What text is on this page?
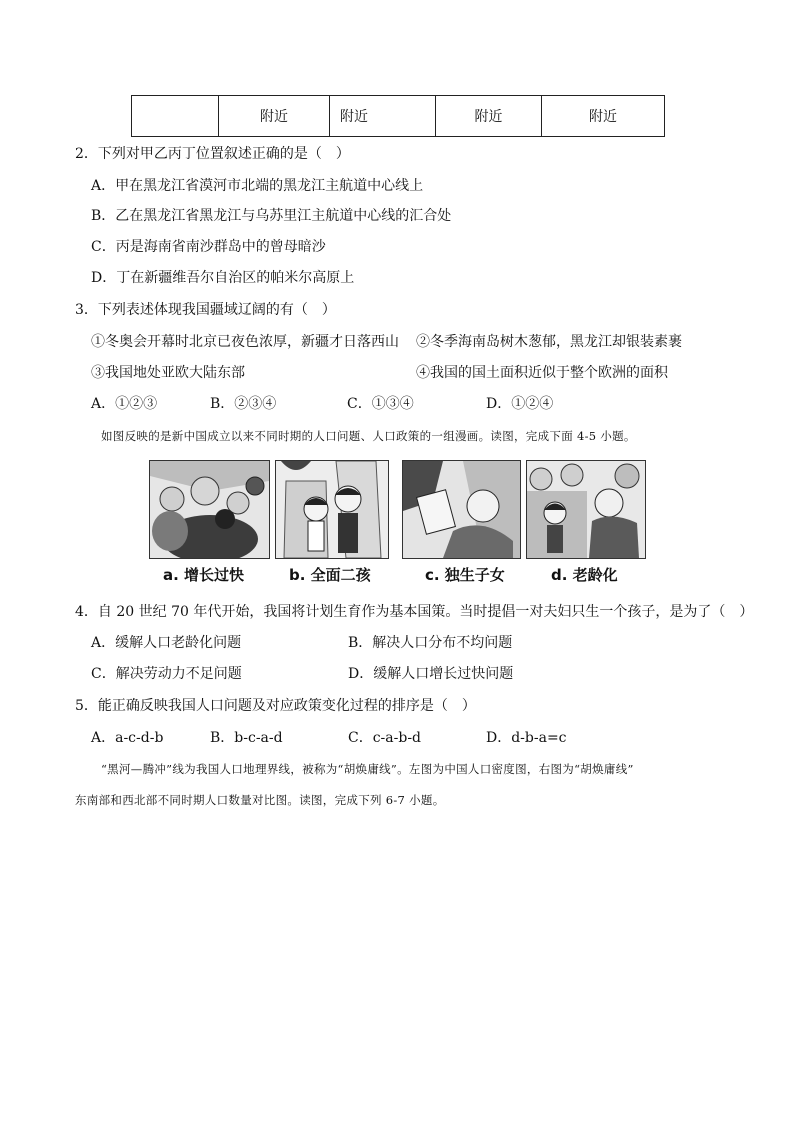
	附近	附近	附近	附近
2．下列对甲乙丙丁位置叙述正确的是（　）
A．甲在黑龙江省漠河市北端的黑龙江主航道中心线上
B．乙在黑龙江省黑龙江与乌苏里江主航道中心线的汇合处
C．丙是海南省南沙群岛中的曾母暗沙
D．丁在新疆维吾尔自治区的帕米尔高原上
3．下列表述体现我国疆域辽阔的有（　）
①冬奥会开幕时北京已夜色浓厚，新疆才日落西山 ②冬季海南岛树木葱郁，黑龙江却银装素裹
③我国地处亚欧大陆东部	④我国的国土面积近似于整个欧洲的面积
A．①②③	B．②③④	C．①③④	D．①②④
如图反映的是新中国成立以来不同时期的人口问题、人口政策的一组漫画。读图，完成下面 4-5 小题。
a. 增长过快	b. 全面二孩	c. 独生子女	d. 老龄化
4．自 20 世纪 70 年代开始，我国将计划生育作为基本国策。当时提倡一对夫妇只生一个孩子，是为了（　）
A．缓解人口老龄化问题	B．解决人口分布不均问题
C．解决劳动力不足问题	D．缓解人口增长过快问题
5．能正确反映我国人口问题及对应政策变化过程的排序是（　）
A．a-c-d-b	B．b-c-a-d	C．c-a-b-d	D．d-b-a=c
“黑河—腾冲”线为我国人口地理界线，被称为“胡焕庸线”。左图为中国人口密度图，右图为“胡焕庸线”
东南部和西北部不同时期人口数量对比图。读图，完成下列 6-7 小题。
